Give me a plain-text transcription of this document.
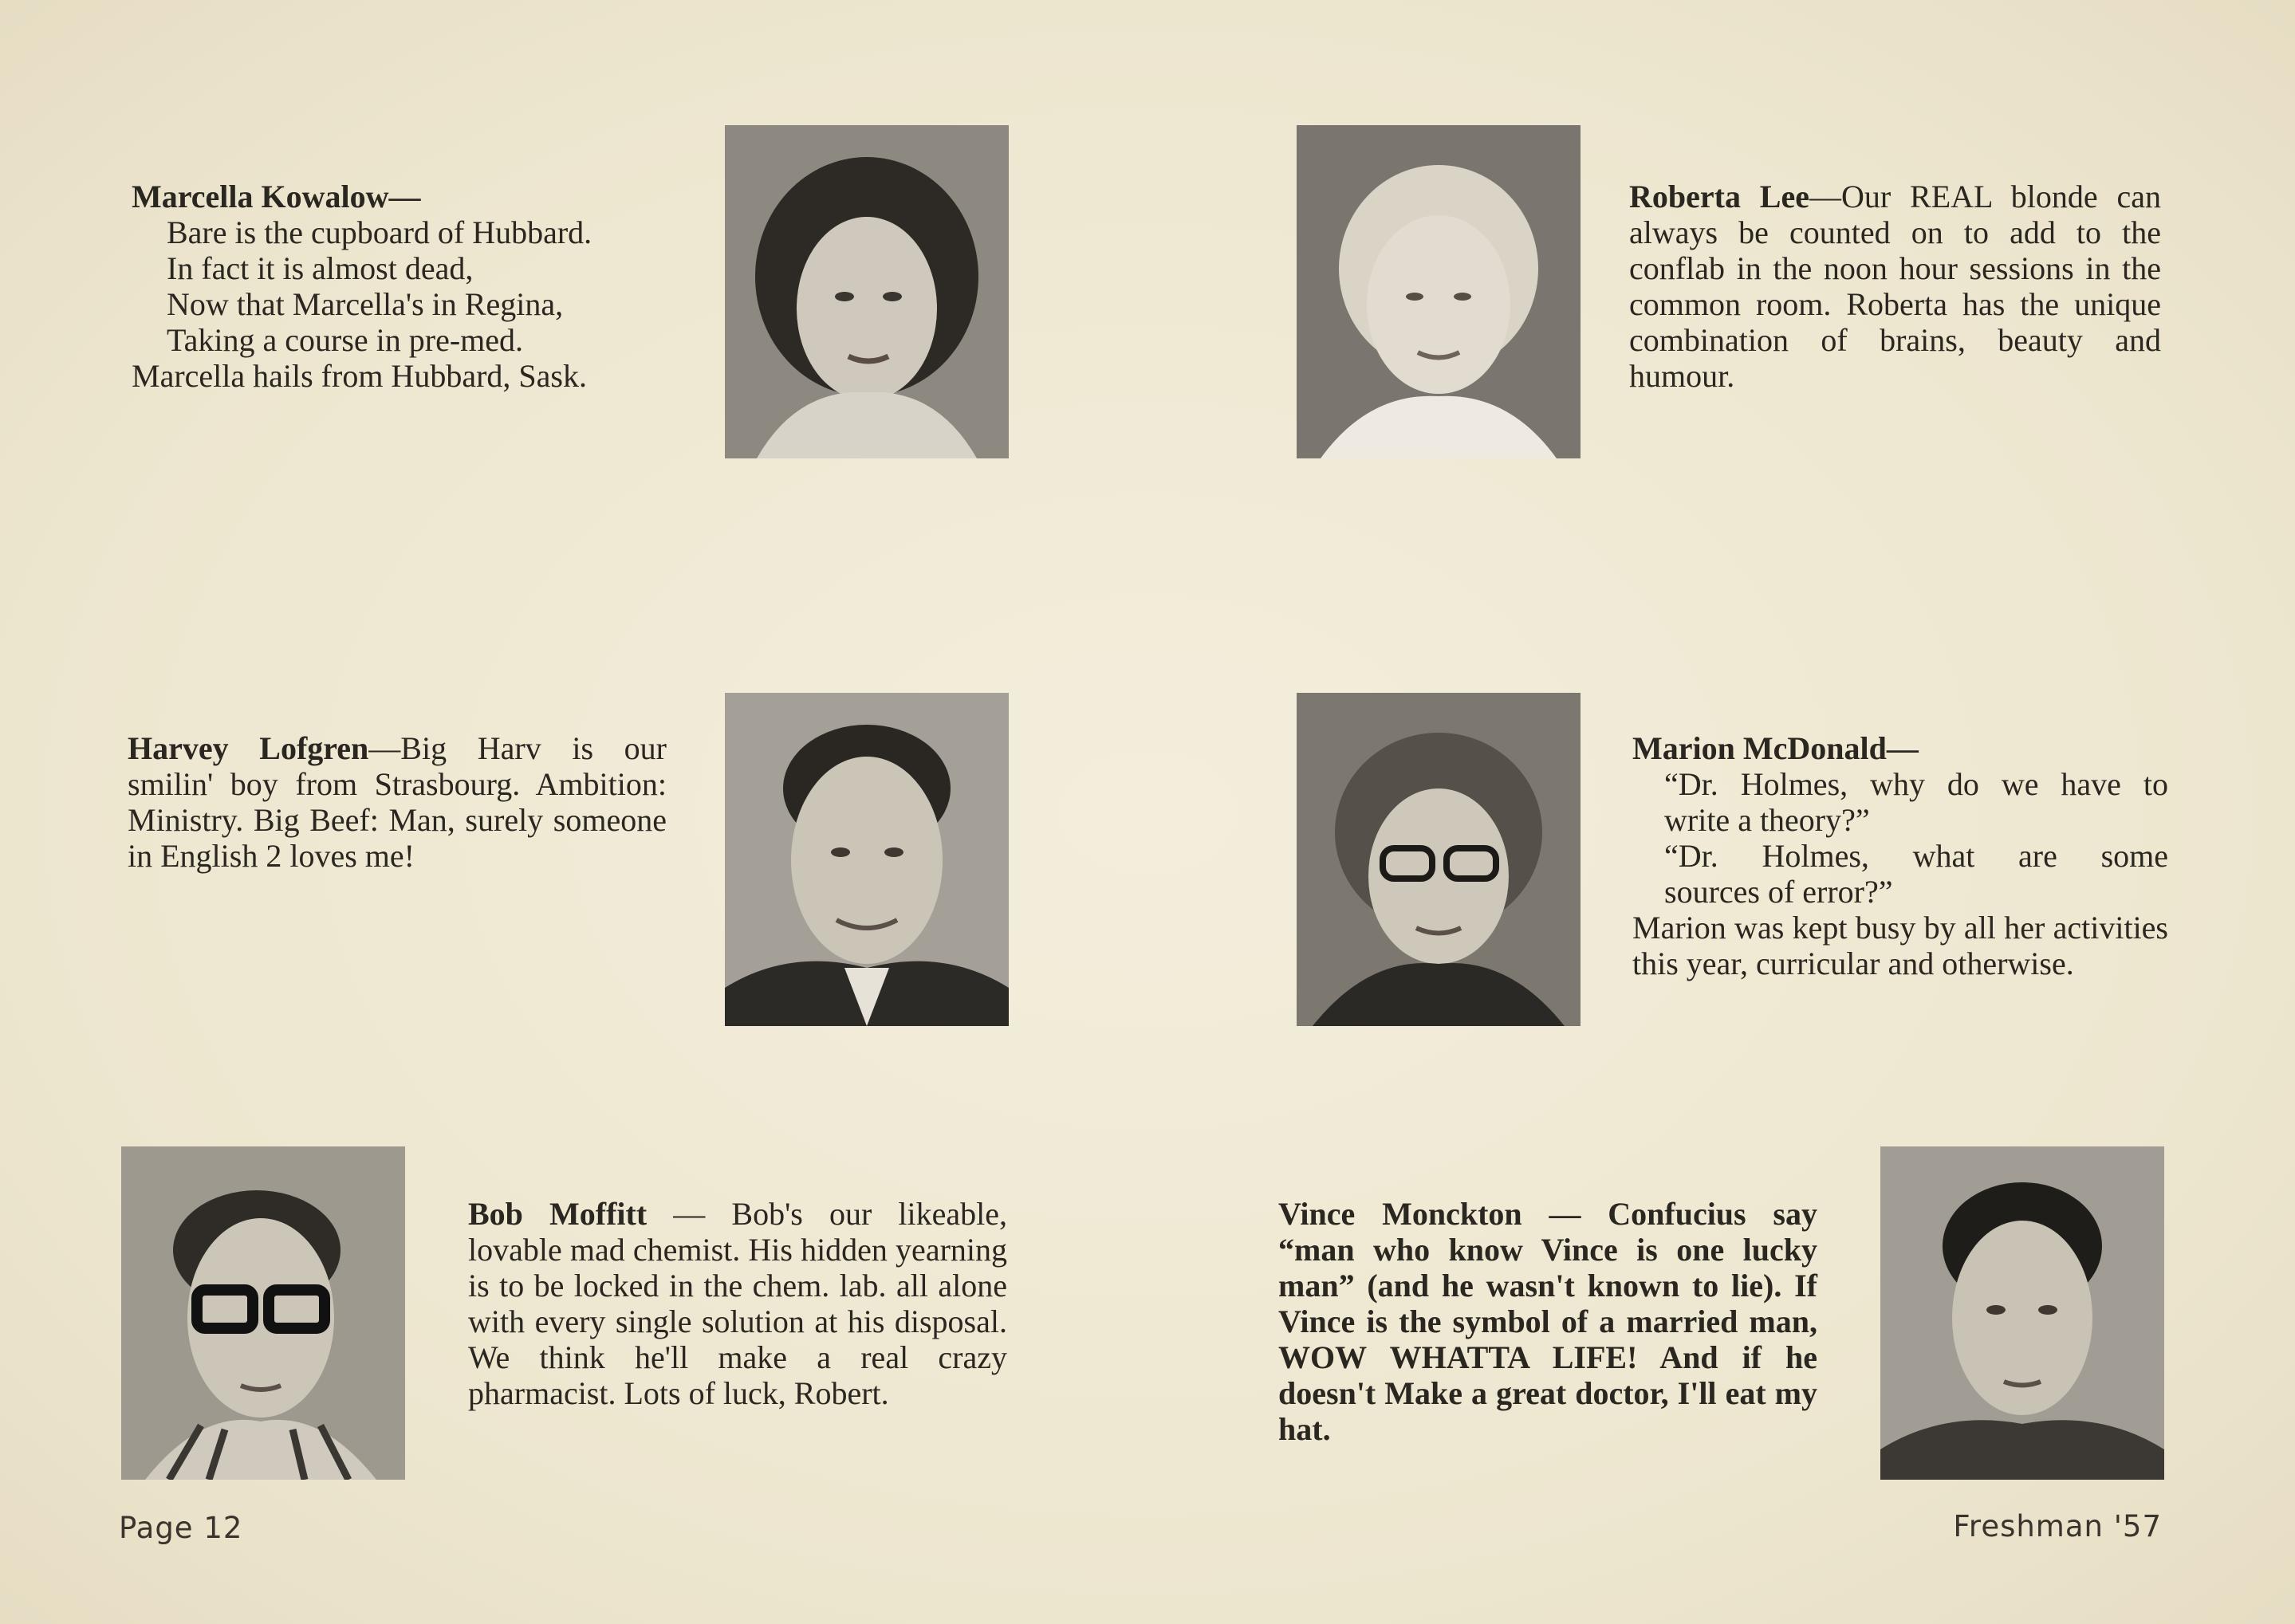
Marcella Kowalow—
Bare is the cupboard of Hubbard.
In fact it is almost dead,
Now that Marcella's in Regina,
Taking a course in pre-med.
Marcella hails from Hubbard, Sask.
Roberta Lee—Our REAL blonde can always be counted on to add to the conflab in the noon hour sessions in the common room. Roberta has the unique combination of brains, beauty and humour.
Harvey Lofgren—Big Harv is our smilin' boy from Strasbourg. Ambition: Ministry. Big Beef: Man, surely someone in English 2 loves me!
Marion McDonald—
“Dr. Holmes, why do we have to
write a theory?”
“Dr. Holmes, what are some
sources of error?”
Marion was kept busy by all her activities this year, curricular and otherwise.
Bob Moffitt — Bob's our likeable, lovable mad chemist. His hidden yearning is to be locked in the chem. lab. all alone with every single solution at his disposal. We think he'll make a real crazy pharmacist. Lots of luck, Robert.
Vince Monckton — Confucius say “man who know Vince is one lucky man” (and he wasn't known to lie). If Vince is the symbol of a married man, WOW WHATTA LIFE! And if he doesn't Make a great doctor, I'll eat my hat.
Page 12	Freshman '57
